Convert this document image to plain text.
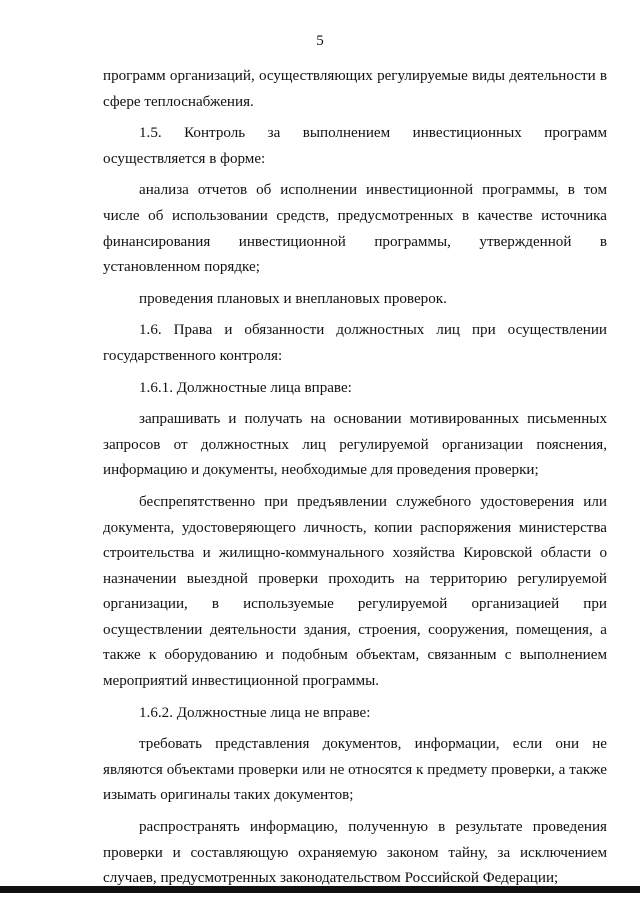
5

программ организаций, осуществляющих регулируемые виды деятельности в сфере теплоснабжения.

1.5. Контроль за выполнением инвестиционных программ осуществляется в форме:

анализа отчетов об исполнении инвестиционной программы, в том числе об использовании средств, предусмотренных в качестве источника финансирования инвестиционной программы, утвержденной в установленном порядке;

проведения плановых и внеплановых проверок.

1.6. Права и обязанности должностных лиц при осуществлении государственного контроля:

1.6.1. Должностные лица вправе:

запрашивать и получать на основании мотивированных письменных запросов от должностных лиц регулируемой организации пояснения, информацию и документы, необходимые для проведения проверки;

беспрепятственно при предъявлении служебного удостоверения или документа, удостоверяющего личность, копии распоряжения министерства строительства и жилищно-коммунального хозяйства Кировской области о назначении выездной проверки проходить на территорию регулируемой организации, в используемые регулируемой организацией при осуществлении деятельности здания, строения, сооружения, помещения, а также к оборудованию и подобным объектам, связанным с выполнением мероприятий инвестиционной программы.

1.6.2. Должностные лица не вправе:

требовать представления документов, информации, если они не являются объектами проверки или не относятся к предмету проверки, а также изымать оригиналы таких документов;

распространять информацию, полученную в результате проведения проверки и составляющую охраняемую законом тайну, за исключением случаев, предусмотренных законодательством Российской Федерации;
